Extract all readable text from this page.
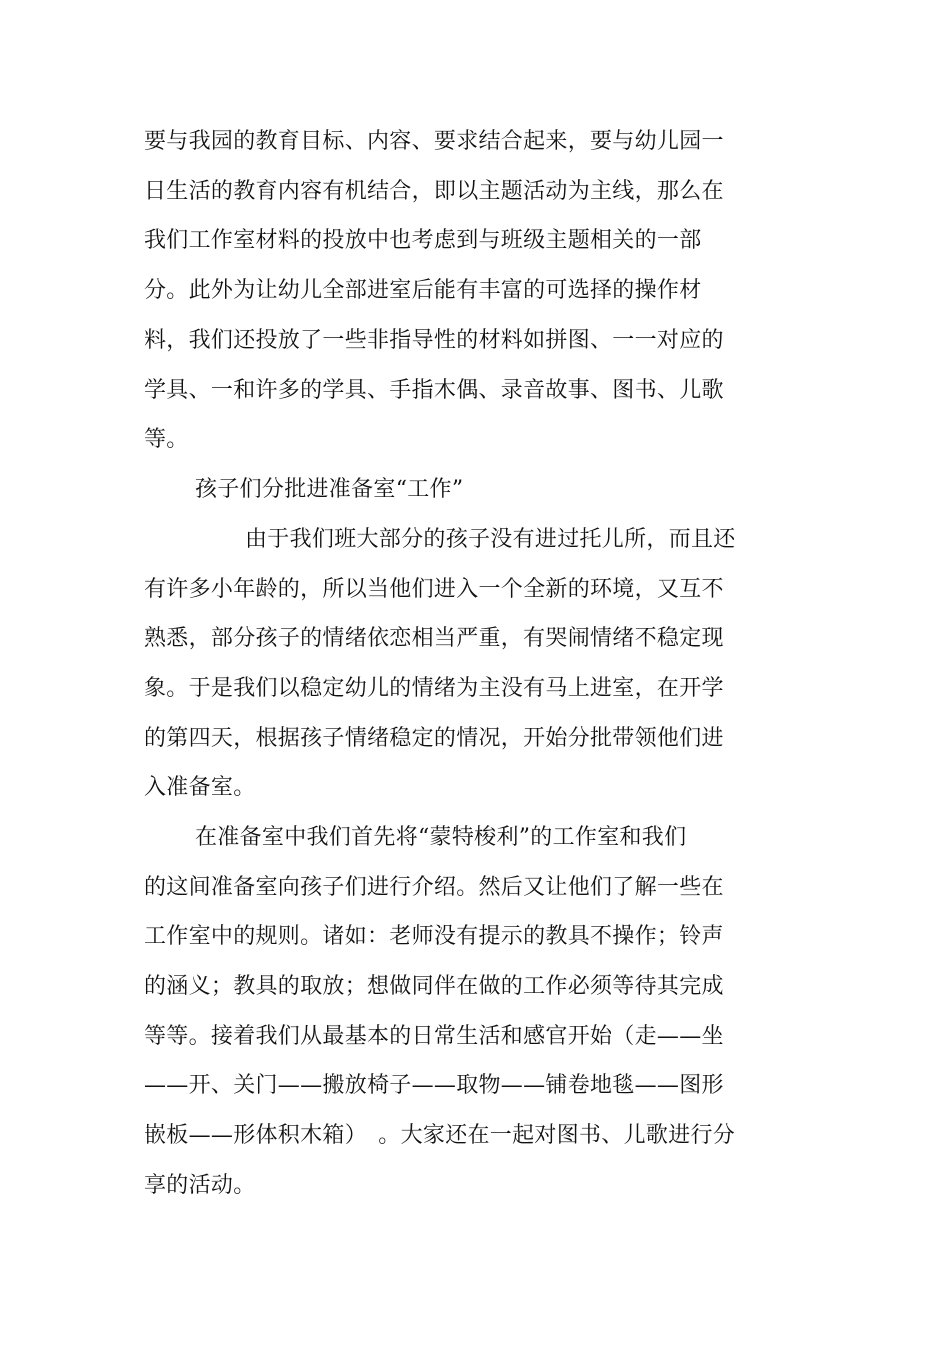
要与我园的教育目标、内容、要求结合起来，要与幼儿园一
日生活的教育内容有机结合，即以主题活动为主线，那么在
我们工作室材料的投放中也考虑到与班级主题相关的一部
分。此外为让幼儿全部进室后能有丰富的可选择的操作材
料，我们还投放了一些非指导性的材料如拼图、一一对应的
学具、一和许多的学具、手指木偶、录音故事、图书、儿歌
等。
孩子们分批进准备室“工作”
由于我们班大部分的孩子没有进过托儿所，而且还
有许多小年龄的，所以当他们进入一个全新的环境，又互不
熟悉，部分孩子的情绪依恋相当严重，有哭闹情绪不稳定现
象。于是我们以稳定幼儿的情绪为主没有马上进室，在开学
的第四天，根据孩子情绪稳定的情况，开始分批带领他们进
入准备室。
在准备室中我们首先将“蒙特梭利”的工作室和我们
的这间准备室向孩子们进行介绍。然后又让他们了解一些在
工作室中的规则。诸如：老师没有提示的教具不操作；铃声
的涵义；教具的取放；想做同伴在做的工作必须等待其完成
等等。接着我们从最基本的日常生活和感官开始（走——坐
——开、关门——搬放椅子——取物——铺卷地毯——图形
嵌板——形体积木箱）　。大家还在一起对图书、儿歌进行分
享的活动。
